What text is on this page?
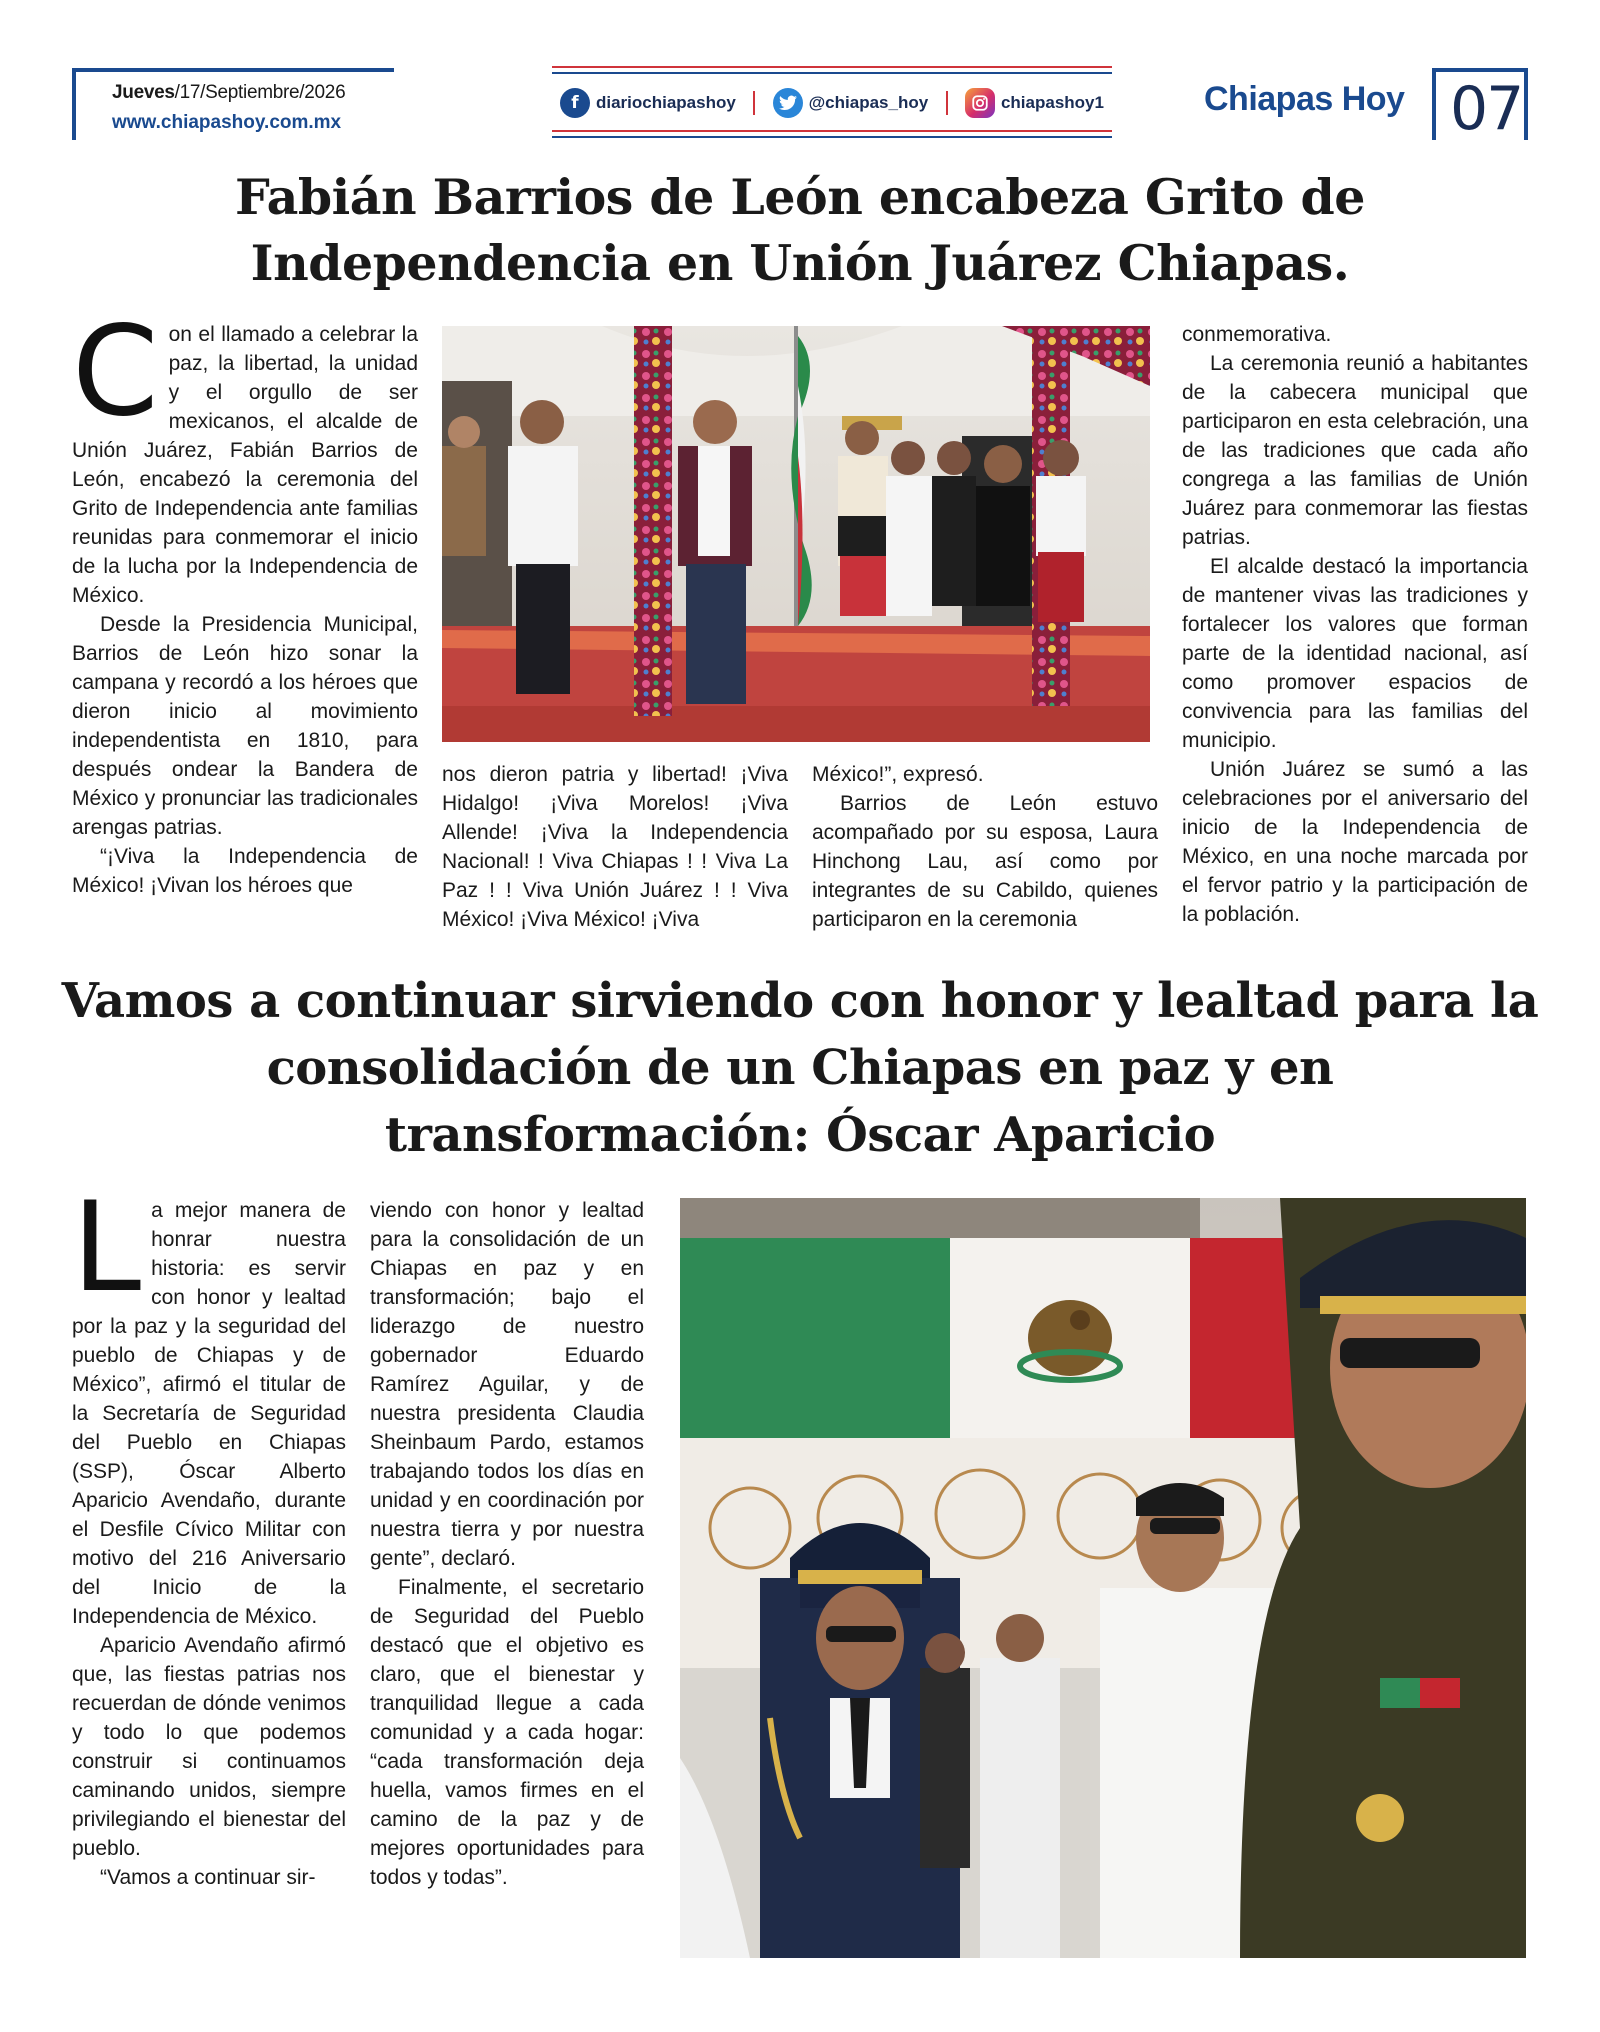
Jueves/17/Septiembre/2026
www.chiapashoy.com.mx
f	diariochiapashoy	@chiapas_hoy	chiapashoy1	Chiapas Hoy 07
Fabián Barrios de León encabeza Grito de Independencia en Unión Juárez Chiapas.

Con el llamado a celebrar la paz, la libertad, la unidad y el orgullo de ser mexicanos, el alcalde de Unión Juárez, Fabián Barrios de León, encabezó la ceremonia del Grito de Independencia ante familias reunidas para conmemorar el inicio de la lucha por la Independencia de México.

Desde la Presidencia Municipal, Barrios de León hizo sonar la campana y recordó a los héroes que dieron inicio al movimiento independentista en 1810, para después ondear la Bandera de México y pronunciar las tradicionales arengas patrias.

“¡Viva la Independencia de México! ¡Vivan los héroes que

nos dieron patria y libertad! ¡Viva Hidalgo! ¡Viva Morelos! ¡Viva Allende! ¡Viva la Independencia Nacional! ! Viva Chiapas ! ! Viva La Paz ! ! Viva Unión Juárez ! ! Viva México! ¡Viva México! ¡Viva

México!”, expresó.

Barrios de León estuvo acompañado por su esposa, Laura Hinchong Lau, así como por integrantes de su Cabildo, quienes participaron en la ceremonia

conmemorativa.

La ceremonia reunió a habitantes de la cabecera municipal que participaron en esta celebración, una de las tradiciones que cada año congrega a las familias de Unión Juárez para conmemorar las fiestas patrias.

El alcalde destacó la importancia de mantener vivas las tradiciones y fortalecer los valores que forman parte de la identidad nacional, así como promover espacios de convivencia para las familias del municipio.

Unión Juárez se sumó a las celebraciones por el aniversario del inicio de la Independencia de México, en una noche marcada por el fervor patrio y la participación de la población.

Vamos a continuar sirviendo con honor y lealtad para la consolidación de un Chiapas en paz y en transformación: Óscar Aparicio

La mejor manera de honrar nuestra historia: es servir con honor y lealtad por la paz y la seguridad del pueblo de Chiapas y de México”, afirmó el titular de la Secretaría de Seguridad del Pueblo en Chiapas (SSP), Óscar Alberto Aparicio Avendaño, durante el Desfile Cívico Militar con motivo del 216 Aniversario del Inicio de la Independencia de México.

Aparicio Avendaño afirmó que, las fiestas patrias nos recuerdan de dónde venimos y todo lo que podemos construir si continuamos caminando unidos, siempre privilegiando el bienestar del pueblo.

“Vamos a continuar sir-

viendo con honor y lealtad para la consolidación de un Chiapas en paz y en transformación; bajo el liderazgo de nuestro gobernador Eduardo Ramírez Aguilar, y de nuestra presidenta Claudia Sheinbaum Pardo, estamos trabajando todos los días en unidad y en coordinación por nuestra tierra y por nuestra gente”, declaró.

Finalmente, el secretario de Seguridad del Pueblo destacó que el objetivo es claro, que el bienestar y tranquilidad llegue a cada comunidad y a cada hogar: “cada transformación deja huella, vamos firmes en el camino de la paz y de mejores oportunidades para todos y todas”.
